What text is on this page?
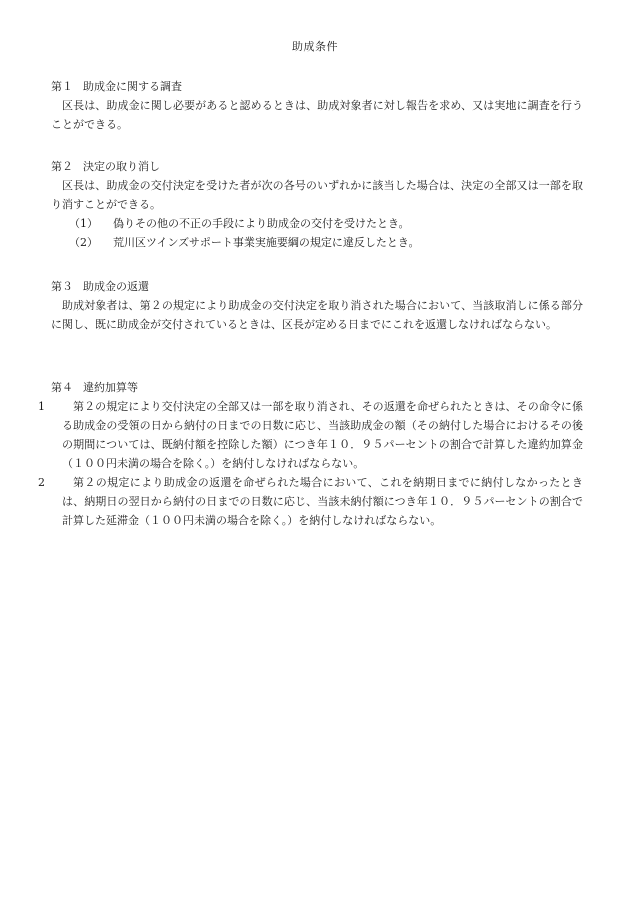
助成条件

第１ 助成金に関する調査

区長は、助成金に関し必要があると認めるときは、助成対象者に対し報告を求め、又は実地に調査を行うことができる。

第２ 決定の取り消し

区長は、助成金の交付決定を受けた者が次の各号のいずれかに該当した場合は、決定の全部又は一部を取り消すことができる。

（1） 偽りその他の不正の手段により助成金の交付を受けたとき。

（2） 荒川区ツインズサポート事業実施要綱の規定に違反したとき。

第３ 助成金の返還

助成対象者は、第２の規定により助成金の交付決定を取り消された場合において、当該取消しに係る部分に関し、既に助成金が交付されているときは、区長が定める日までにこれを返還しなければならない。

第４ 違約加算等

1	第２の規定により交付決定の全部又は一部を取り消され、その返還を命ぜられたときは、その命令に係る助成金の受領の日から納付の日までの日数に応じ、当該助成金の額（その納付した場合におけるその後の期間については、既納付額を控除した額）につき年１０．９５パーセントの割合で計算した違約加算金（１００円未満の場合を除く。）を納付しなければならない。
2	第２の規定により助成金の返還を命ぜられた場合において、これを納期日までに納付しなかったときは、納期日の翌日から納付の日までの日数に応じ、当該未納付額につき年１０．９５パーセントの割合で計算した延滞金（１００円未満の場合を除く。）を納付しなければならない。
